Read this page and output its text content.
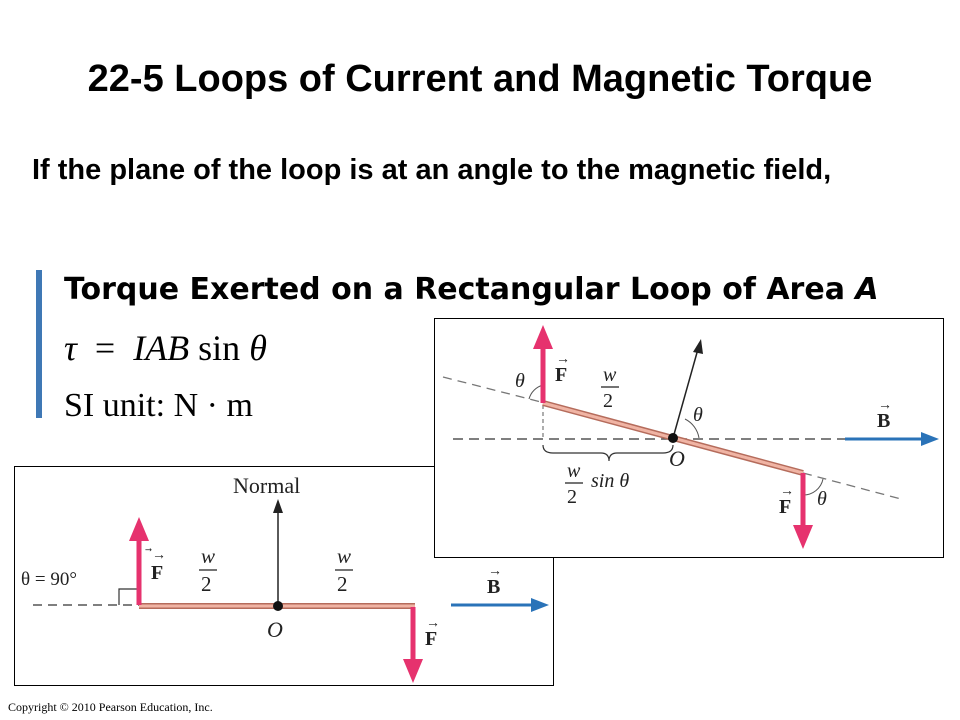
22-5 Loops of Current and Magnetic Torque

If the plane of the loop is at an angle to the magnetic field,

Torque Exerted on a Rectangular Loop of Area A
τ = IAB sin θ
SI unit: N · m
Normal
O
F
⃗→
F
→
θ = 90°
w
2
w
2	B
→
O
θ
θ
θ
F
→
F
→
w
2
w
2
sin θ
B
→
Copyright © 2010 Pearson Education, Inc.
